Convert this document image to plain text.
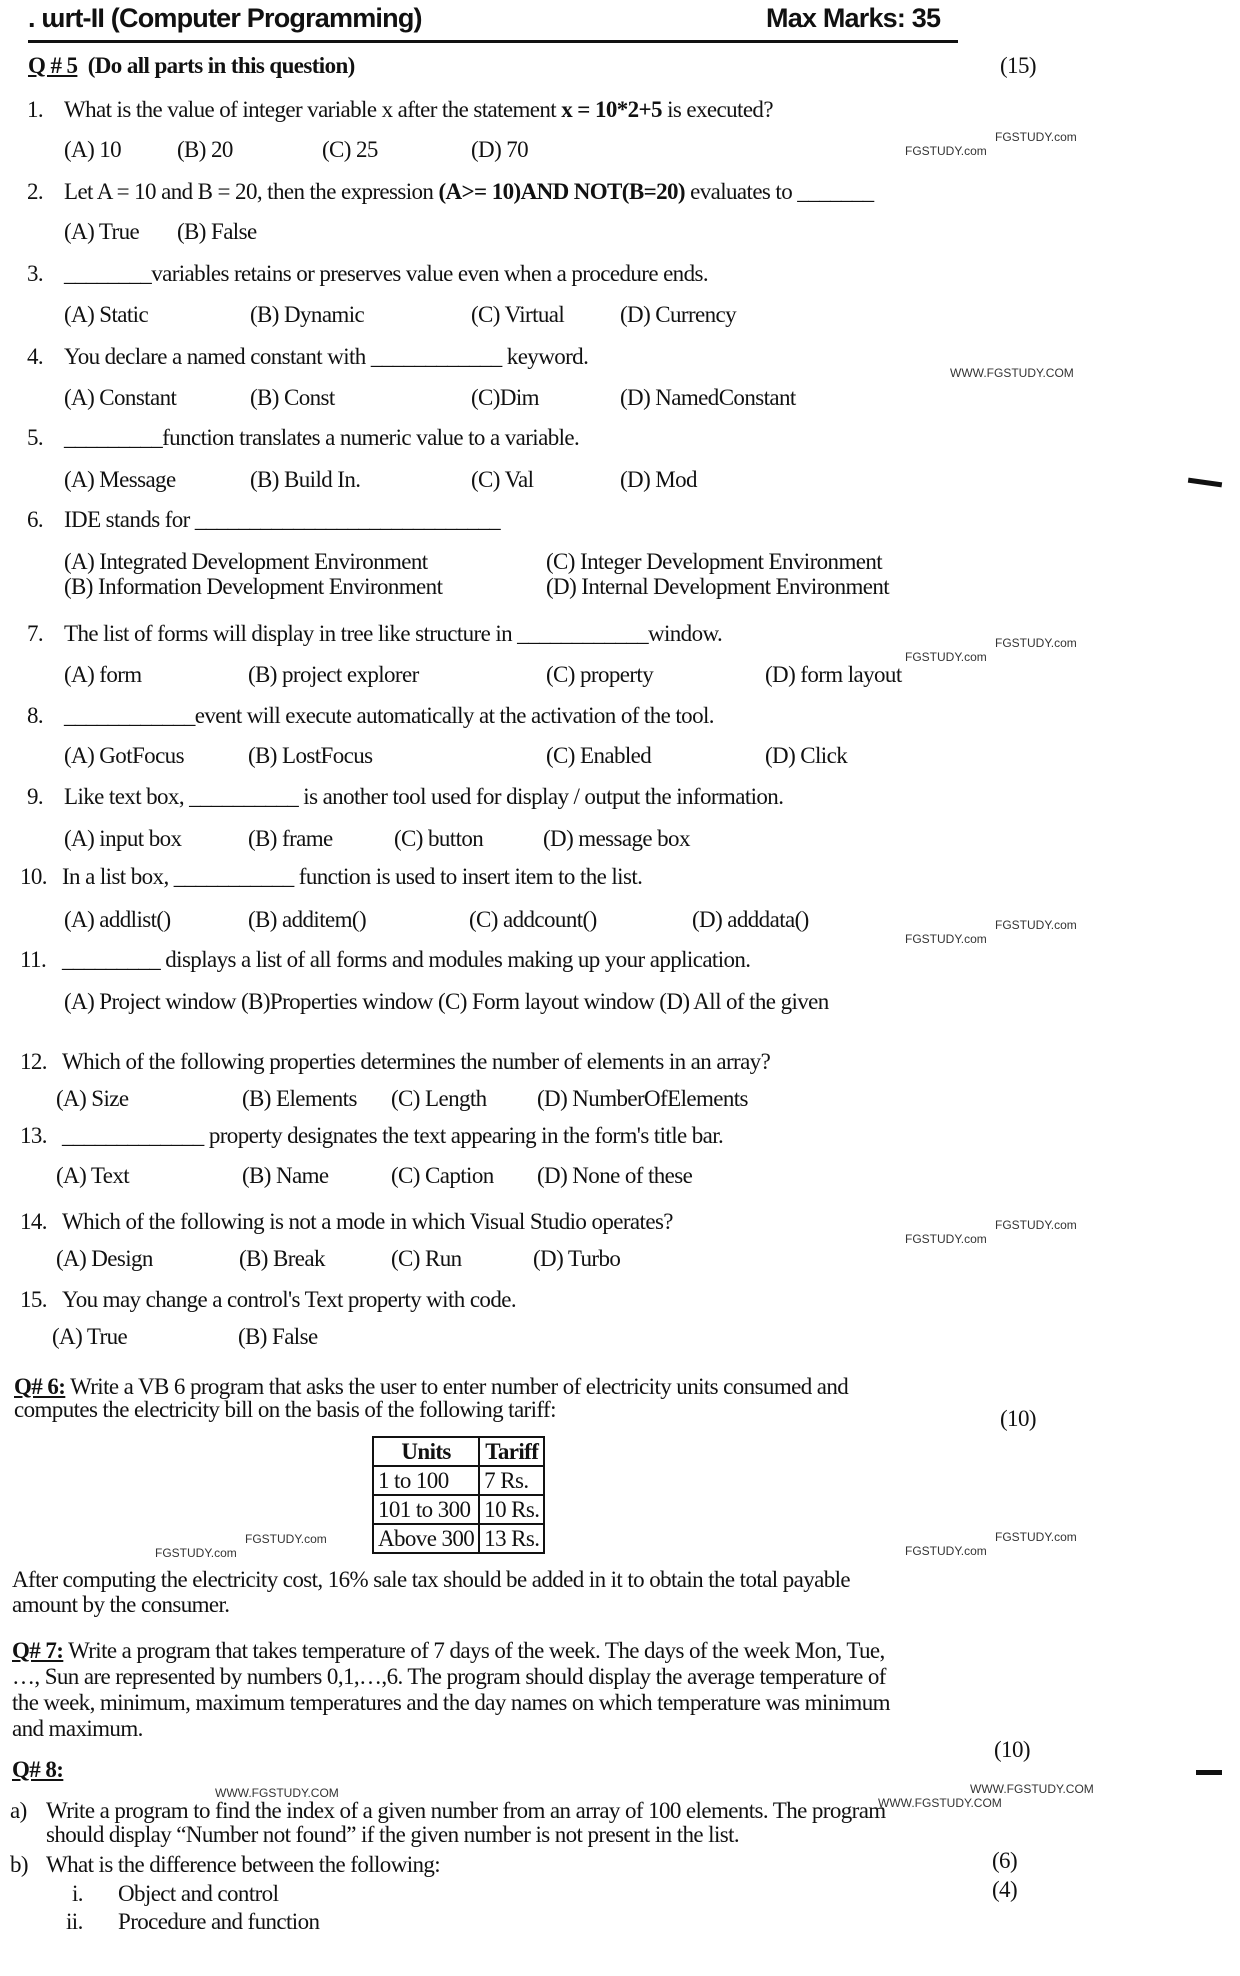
. ɯrt-II (Computer Programming)	Max Marks: 35
Q # 5 (Do all parts in this question)	(15)
1. What is the value of integer variable x after the statement x = 10*2+5 is executed?
(A) 10 (B) 20	(C) 25	(D) 70
2. Let A = 10 and B = 20, then the expression (A>= 10)AND NOT(B=20) evaluates to _______
(A) True (B) False
3. ________variables retains or preserves value even when a procedure ends.
(A) Static	(B) Dynamic	(C) Virtual (D) Currency
4. You declare a named constant with ____________ keyword.
(A) Constant	(B) Const	(C)Dim	(D) NamedConstant
5. _________function translates a numeric value to a variable.
(A) Message	(B) Build In.	(C) Val	(D) Mod
6. IDE stands for ____________________________
(A) Integrated Development Environment
(B) Information Development Environment
(C) Integer Development Environment
(D) Internal Development Environment
7. The list of forms will display in tree like structure in ____________window.
(A) form	(B) project explorer	(C) property	(D) form layout
8. ____________event will execute automatically at the activation of the tool.
(A) GotFocus	(B) LostFocus	(C) Enabled	(D) Click
9. Like text box, __________ is another tool used for display / output the information.
(A) input box	(B) frame	(C) button	(D) message box
10. In a list box, ___________ function is used to insert item to the list.
(A) addlist()	(B) additem()	(C) addcount()	(D) adddata()
11. _________ displays a list of all forms and modules making up your application.
(A) Project window (B)Properties window (C) Form layout window (D) All of the given
12. Which of the following properties determines the number of elements in an array?
(A) Size	(B) Elements (C) Length (D) NumberOfElements
13. _____________ property designates the text appearing in the form's title bar.
(A) Text	(B) Name	(C) Caption (D) None of these
14. Which of the following is not a mode in which Visual Studio operates?
(A) Design	(B) Break	(C) Run	(D) Turbo
15. You may change a control's Text property with code.
(A) True	(B) False
Q# 6: Write a VB 6 program that asks the user to enter number of electricity units consumed and
computes the electricity bill on the basis of the following tariff:	(10)
Units	Tariff
1 to 100	7 Rs.
101 to 300	10 Rs.
Above 300	13 Rs.
After computing the electricity cost, 16% sale tax should be added in it to obtain the total payable
amount by the consumer.
Q# 7: Write a program that takes temperature of 7 days of the week. The days of the week Mon, Tue,
…, Sun are represented by numbers 0,1,…,6. The program should display the average temperature of
the week, minimum, maximum temperatures and the day names on which temperature was minimum
and maximum.
(10)
Q# 8:
a) Write a program to find the index of a given number from an array of 100 elements. The program
should display “Number not found” if the given number is not present in the list.
(6)
b) What is the difference between the following:
(4)
i. Object and control
ii. Procedure and function
FGSTUDY.com
FGSTUDY.com
WWW.FGSTUDY.COM
FGSTUDY.com
FGSTUDY.com
FGSTUDY.com
FGSTUDY.com
FGSTUDY.com
FGSTUDY.com
FGSTUDY.com
FGSTUDY.com
FGSTUDY.com
FGSTUDY.com
WWW.FGSTUDY.COM	WWW.FGSTUDY.COM
WWW.FGSTUDY.COM
